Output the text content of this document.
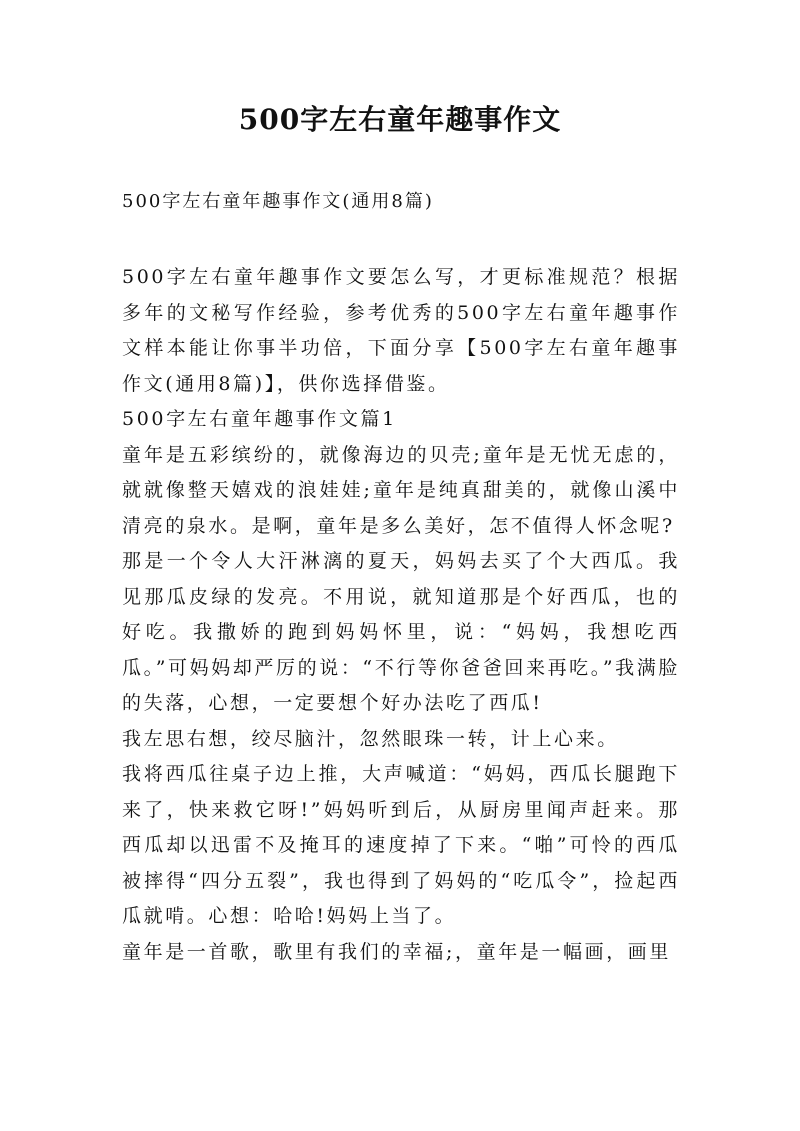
500字左右童年趣事作文
500字左右童年趣事作文(通用8篇)

500字左右童年趣事作文要怎么写，才更标准规范？根据多年的文秘写作经验，参考优秀的500字左右童年趣事作文样本能让你事半功倍，下面分享【500字左右童年趣事作文(通用8篇)】，供你选择借鉴。

500字左右童年趣事作文篇1

童年是五彩缤纷的，就像海边的贝壳;童年是无忧无虑的，就就像整天嬉戏的浪娃娃;童年是纯真甜美的，就像山溪中清亮的泉水。是啊，童年是多么美好，怎不值得人怀念呢?

那是一个令人大汗淋漓的夏天，妈妈去买了个大西瓜。我见那瓜皮绿的发亮。不用说，就知道那是个好西瓜，也的好吃。我撒娇的跑到妈妈怀里，说：“妈妈，我想吃西瓜。”可妈妈却严厉的说：“不行等你爸爸回来再吃。”我满脸的失落，心想，一定要想个好办法吃了西瓜!

我左思右想，绞尽脑汁，忽然眼珠一转，计上心来。

我将西瓜往桌子边上推，大声喊道：“妈妈，西瓜长腿跑下来了，快来救它呀!”妈妈听到后，从厨房里闻声赶来。那西瓜却以迅雷不及掩耳的速度掉了下来。“啪”可怜的西瓜被摔得“四分五裂”，我也得到了妈妈的“吃瓜令”，捡起西瓜就啃。心想：哈哈!妈妈上当了。

童年是一首歌，歌里有我们的幸福;，童年是一幅画，画里
